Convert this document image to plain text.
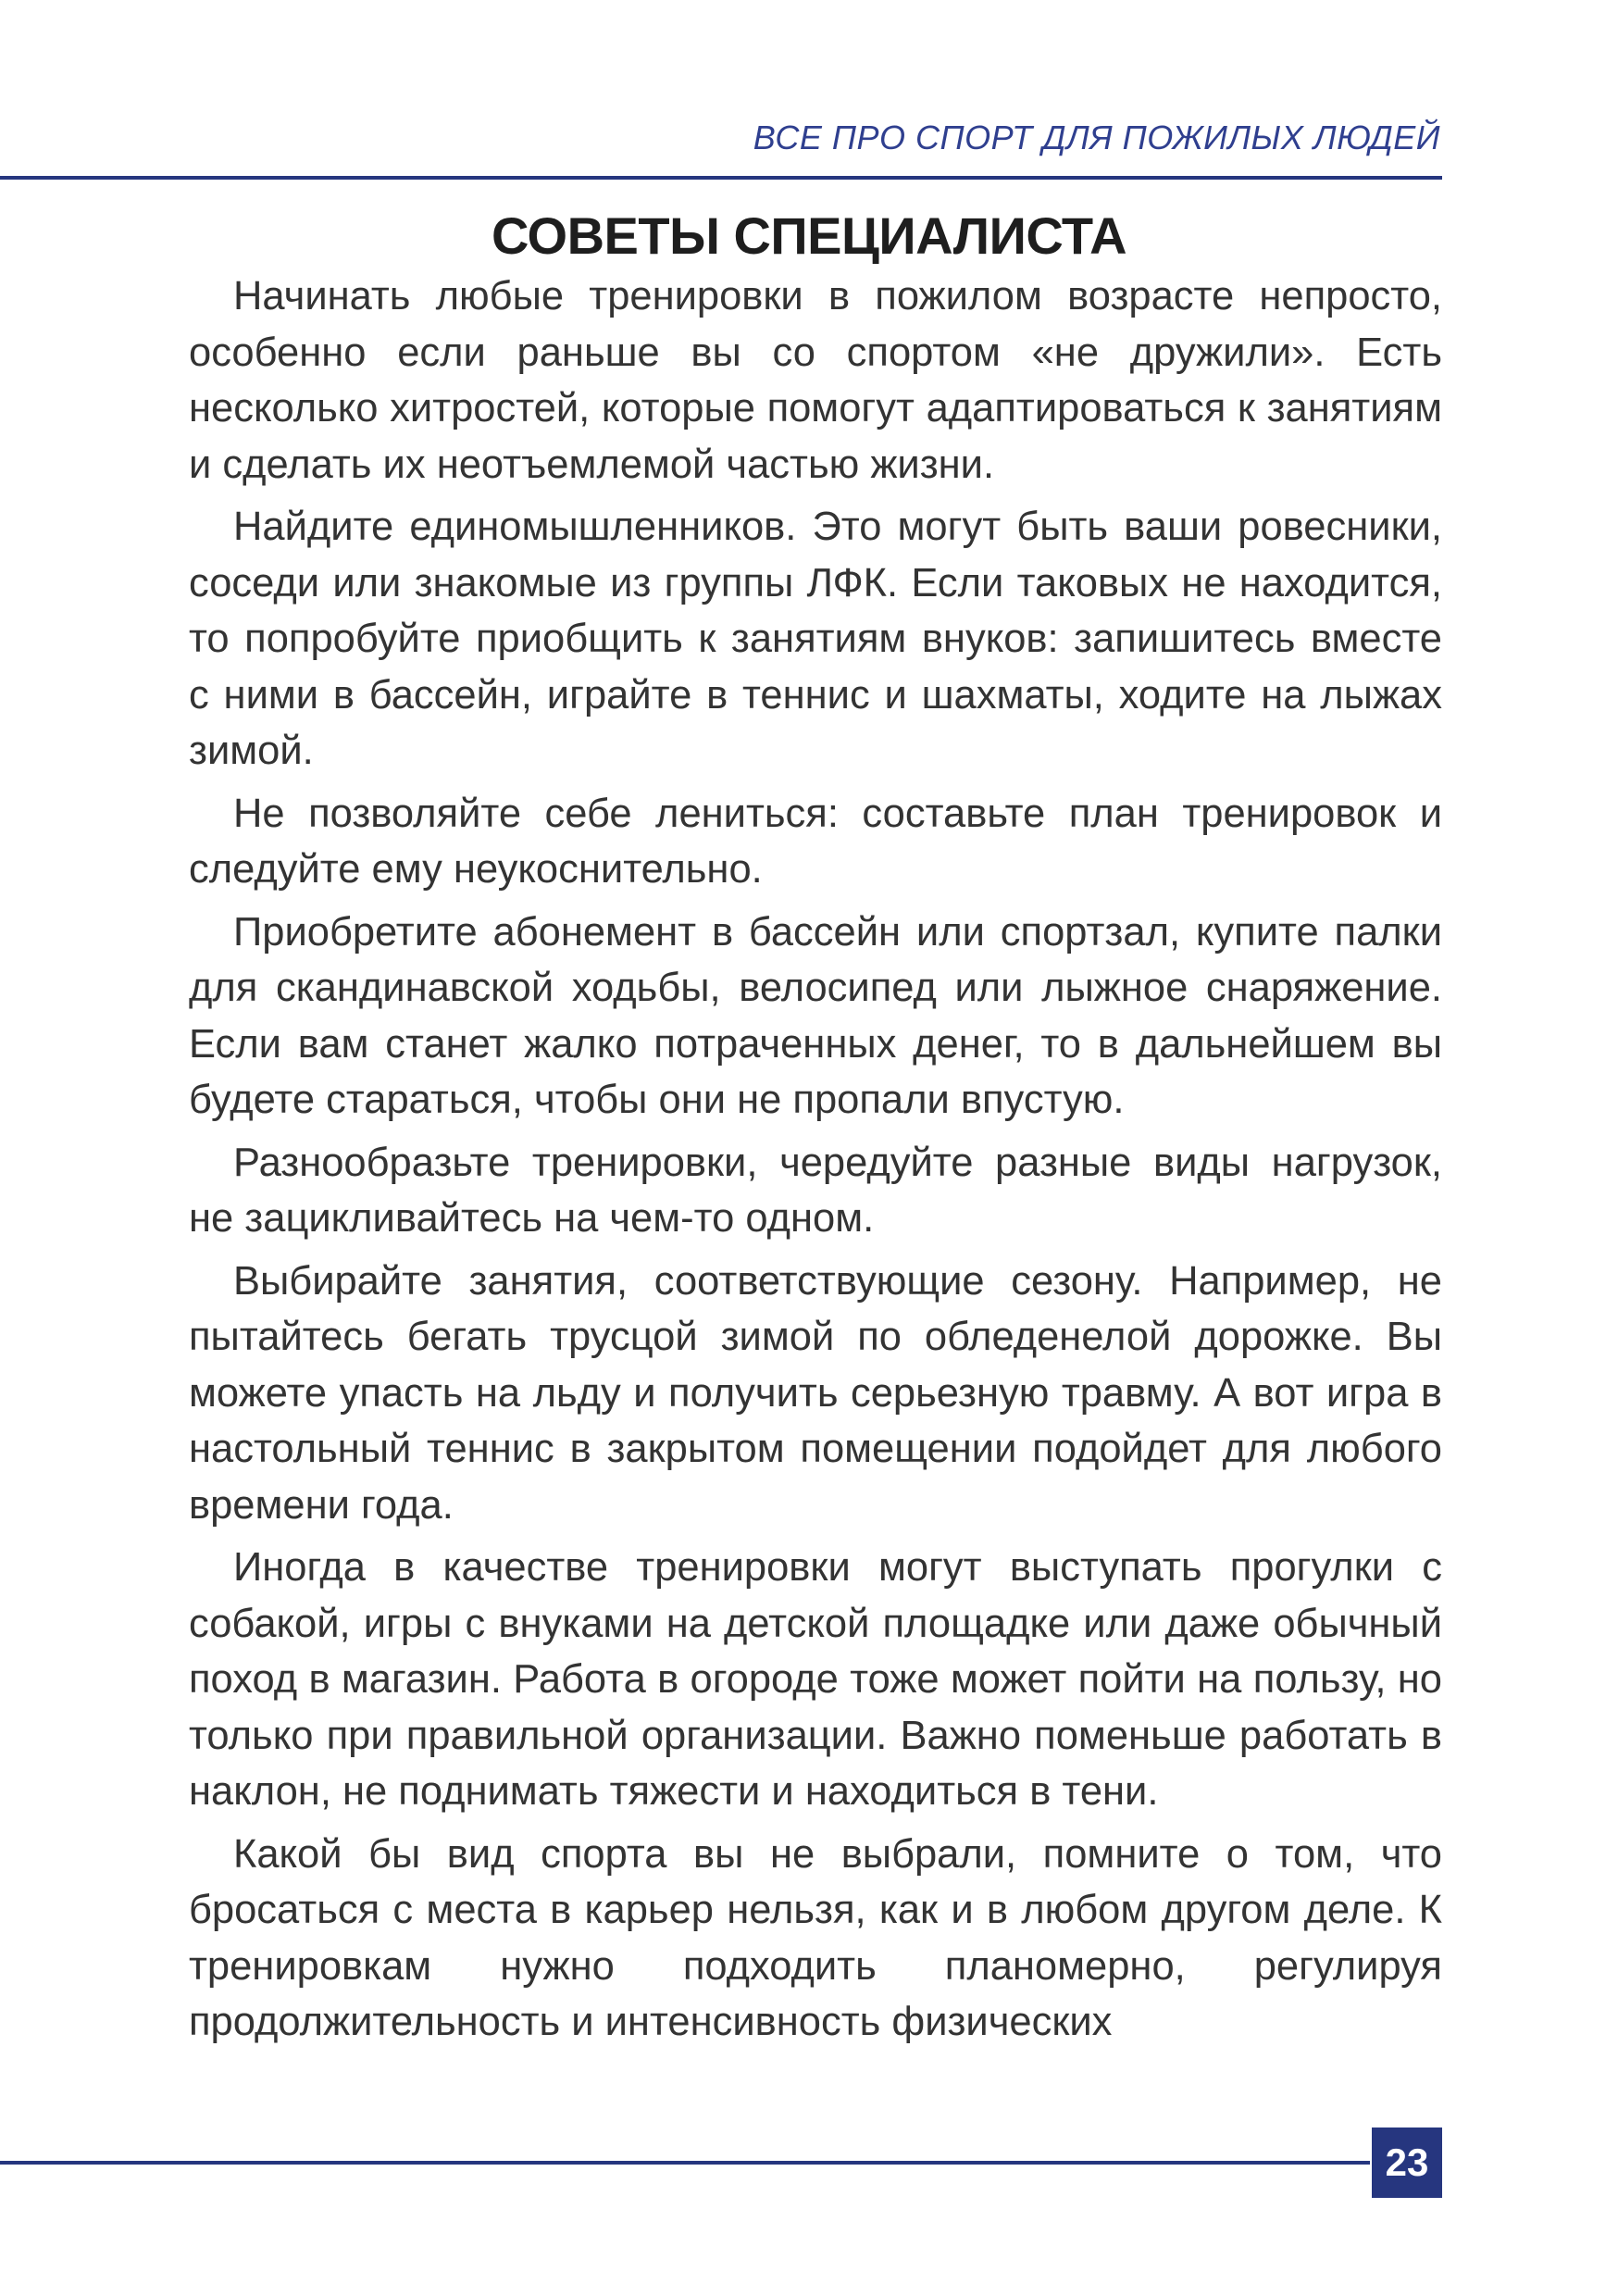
ВСЕ ПРО СПОРТ ДЛЯ ПОЖИЛЫХ ЛЮДЕЙ
СОВЕТЫ СПЕЦИАЛИСТА

Начинать любые тренировки в пожилом возрасте непросто, особенно если раньше вы со спортом «не дружили». Есть несколько хитростей, которые помогут адаптироваться к занятиям и сделать их неотъемлемой частью жизни.

Найдите единомышленников. Это могут быть ваши ровесники, соседи или знакомые из группы ЛФК. Если таковых не находится, то попробуйте приобщить к занятиям внуков: запишитесь вместе с ними в бассейн, играйте в теннис и шахматы, ходите на лыжах зимой.

Не позволяйте себе лениться: составьте план тренировок и следуйте ему неукоснительно.

Приобретите абонемент в бассейн или спортзал, купите палки для скандинавской ходьбы, велосипед или лыжное снаряжение. Если вам станет жалко потраченных денег, то в дальнейшем вы будете стараться, чтобы они не пропали впустую.

Разнообразьте тренировки, чередуйте разные виды нагрузок, не зацикливайтесь на чем-то одном.

Выбирайте занятия, соответствующие сезону. Например, не пытайтесь бегать трусцой зимой по обледенелой дорожке. Вы можете упасть на льду и получить серьезную травму. А вот игра в настольный теннис в закрытом помещении подойдет для любого времени года.

Иногда в качестве тренировки могут выступать прогулки с собакой, игры с внуками на детской площадке или даже обычный поход в магазин. Работа в огороде тоже может пойти на пользу, но только при правильной организации. Важно поменьше работать в наклон, не поднимать тяжести и находиться в тени.

Какой бы вид спорта вы не выбрали, помните о том, что бросаться с места в карьер нельзя, как и в любом другом деле. К тренировкам нужно подходить планомерно, регулируя продолжительность и интенсивность физических

23
